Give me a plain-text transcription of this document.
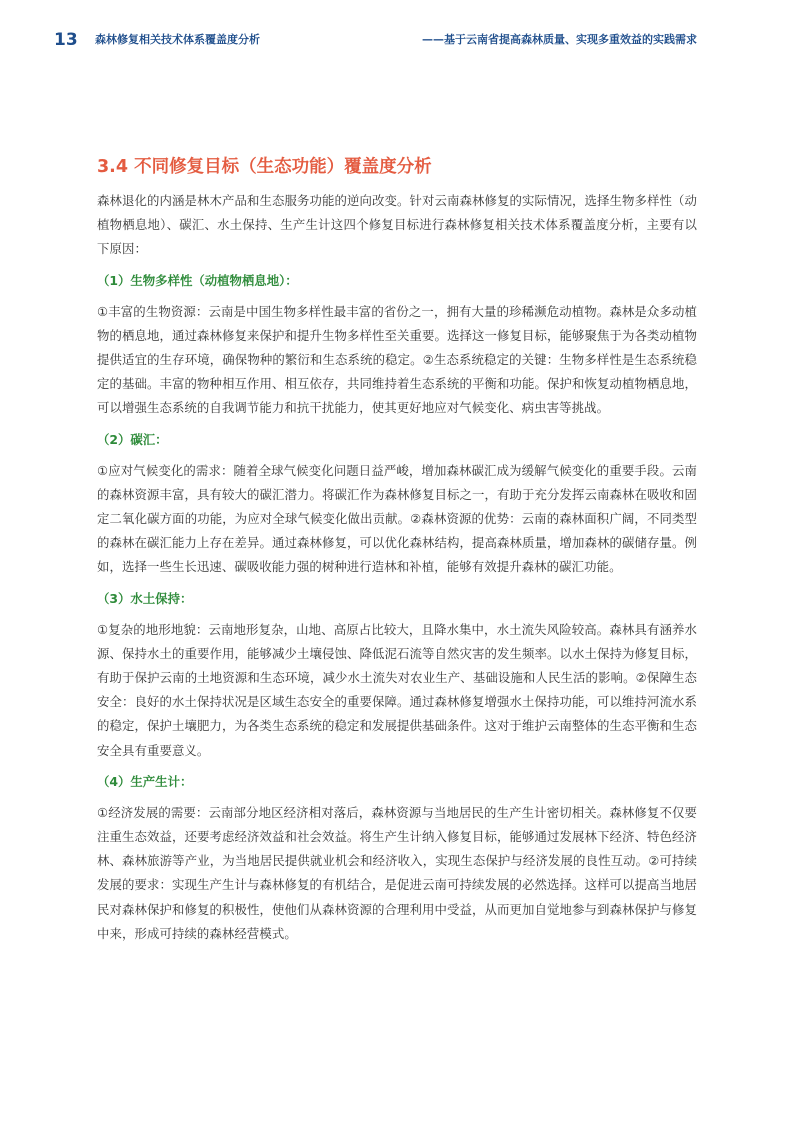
13 森林修复相关技术体系覆盖度分析	——基于云南省提高森林质量、实现多重效益的实践需求
3.4 不同修复目标（生态功能）覆盖度分析

森林退化的内涵是林木产品和生态服务功能的逆向改变。针对云南森林修复的实际情况，选择生物多样性（动植物栖息地）、碳汇、水土保持、生产生计这四个修复目标进行森林修复相关技术体系覆盖度分析，主要有以下原因：

（1）生物多样性（动植物栖息地）：

①丰富的生物资源：云南是中国生物多样性最丰富的省份之一，拥有大量的珍稀濒危动植物。森林是众多动植物的栖息地，通过森林修复来保护和提升生物多样性至关重要。选择这一修复目标，能够聚焦于为各类动植物提供适宜的生存环境，确保物种的繁衍和生态系统的稳定。②生态系统稳定的关键：生物多样性是生态系统稳定的基础。丰富的物种相互作用、相互依存，共同维持着生态系统的平衡和功能。保护和恢复动植物栖息地，可以增强生态系统的自我调节能力和抗干扰能力，使其更好地应对气候变化、病虫害等挑战。

（2）碳汇：

①应对气候变化的需求：随着全球气候变化问题日益严峻，增加森林碳汇成为缓解气候变化的重要手段。云南的森林资源丰富，具有较大的碳汇潜力。将碳汇作为森林修复目标之一，有助于充分发挥云南森林在吸收和固定二氧化碳方面的功能，为应对全球气候变化做出贡献。②森林资源的优势：云南的森林面积广阔，不同类型的森林在碳汇能力上存在差异。通过森林修复，可以优化森林结构，提高森林质量，增加森林的碳储存量。例如，选择一些生长迅速、碳吸收能力强的树种进行造林和补植，能够有效提升森林的碳汇功能。

（3）水土保持：

①复杂的地形地貌：云南地形复杂，山地、高原占比较大，且降水集中，水土流失风险较高。森林具有涵养水源、保持水土的重要作用，能够减少土壤侵蚀、降低泥石流等自然灾害的发生频率。以水土保持为修复目标，有助于保护云南的土地资源和生态环境，减少水土流失对农业生产、基础设施和人民生活的影响。②保障生态安全：良好的水土保持状况是区域生态安全的重要保障。通过森林修复增强水土保持功能，可以维持河流水系的稳定，保护土壤肥力，为各类生态系统的稳定和发展提供基础条件。这对于维护云南整体的生态平衡和生态安全具有重要意义。

（4）生产生计：

①经济发展的需要：云南部分地区经济相对落后，森林资源与当地居民的生产生计密切相关。森林修复不仅要注重生态效益，还要考虑经济效益和社会效益。将生产生计纳入修复目标，能够通过发展林下经济、特色经济林、森林旅游等产业，为当地居民提供就业机会和经济收入，实现生态保护与经济发展的良性互动。②可持续发展的要求：实现生产生计与森林修复的有机结合，是促进云南可持续发展的必然选择。这样可以提高当地居民对森林保护和修复的积极性，使他们从森林资源的合理利用中受益，从而更加自觉地参与到森林保护与修复中来，形成可持续的森林经营模式。
